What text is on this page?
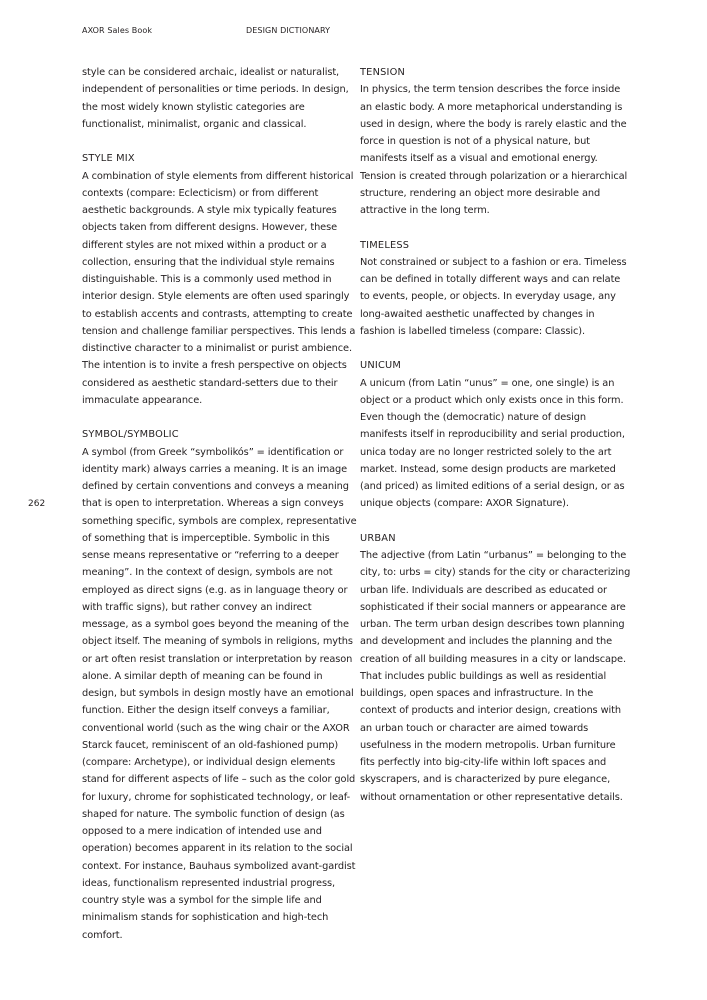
AXOR Sales Book	DESIGN DICTIONARY
262

style can be considered archaic, idealist or naturalist, independent of personalities or time periods. In design, the most widely known stylistic categories are functionalist, minimalist, organic and classical.

STYLE MIX
A combination of style elements from different historical contexts (compare: Eclecticism) or from different aesthetic backgrounds. A style mix typically features objects taken from different designs. However, these different styles are not mixed within a product or a collection, ensuring that the individual style remains distinguishable. This is a commonly used method in interior design. Style elements are often used sparingly to establish accents and contrasts, attempting to create tension and challenge familiar perspectives. This lends a distinctive character to a minimalist or purist ambience. The intention is to invite a fresh perspective on objects considered as aesthetic standard-setters due to their immaculate appearance.
SYMBOL/SYMBOLIC
A symbol (from Greek “symbolikós” = identification or identity mark) always carries a meaning. It is an image defined by certain conventions and conveys a meaning that is open to interpretation. Whereas a sign conveys something specific, symbols are complex, representative of something that is imperceptible. Symbolic in this sense means representative or “referring to a deeper meaning”. In the context of design, symbols are not employed as direct signs (e.g. as in language theory or with traffic signs), but rather convey an indirect message, as a symbol goes beyond the meaning of the object itself. The meaning of symbols in religions, myths or art often resist translation or interpretation by reason alone. A similar depth of meaning can be found in design, but symbols in design mostly have an emotional function. Either the design itself conveys a familiar, conventional world (such as the wing chair or the AXOR Starck faucet, reminiscent of an old-fashioned pump) (compare: Archetype), or individual design elements stand for different aspects of life – such as the color gold for luxury, chrome for sophisticated technology, or leaf-shaped for nature. The symbolic function of design (as opposed to a mere indication of intended use and operation) becomes apparent in its relation to the social context. For instance, Bauhaus symbolized avant-gardist ideas, functionalism represented industrial progress, country style was a symbol for the simple life and minimalism stands for sophistication and high-tech comfort.
TENSION
In physics, the term tension describes the force inside an elastic body. A more metaphorical understanding is used in design, where the body is rarely elastic and the force in question is not of a physical nature, but manifests itself as a visual and emotional energy. Tension is created through polarization or a hierarchical structure, rendering an object more desirable and attractive in the long term.
TIMELESS
Not constrained or subject to a fashion or era. Timeless can be defined in totally different ways and can relate to events, people, or objects. In everyday usage, any long-awaited aesthetic unaffected by changes in fashion is labelled timeless (compare: Classic).
UNICUM
A unicum (from Latin “unus” = one, one single) is an object or a product which only exists once in this form. Even though the (democratic) nature of design manifests itself in reproducibility and serial production, unica today are no longer restricted solely to the art market. Instead, some design products are marketed (and priced) as limited editions of a serial design, or as unique objects (compare: AXOR Signature).
URBAN
The adjective (from Latin “urbanus” = belonging to the city, to: urbs = city) stands for the city or characterizing urban life. Individuals are described as educated or sophisticated if their social manners or appearance are urban. The term urban design describes town planning and development and includes the planning and the creation of all building measures in a city or landscape. That includes public buildings as well as residential buildings, open spaces and infrastructure. In the context of products and interior design, creations with an urban touch or character are aimed towards usefulness in the modern metropolis. Urban furniture fits perfectly into big-city-life within loft spaces and skyscrapers, and is characterized by pure elegance, without ornamentation or other representative details.
